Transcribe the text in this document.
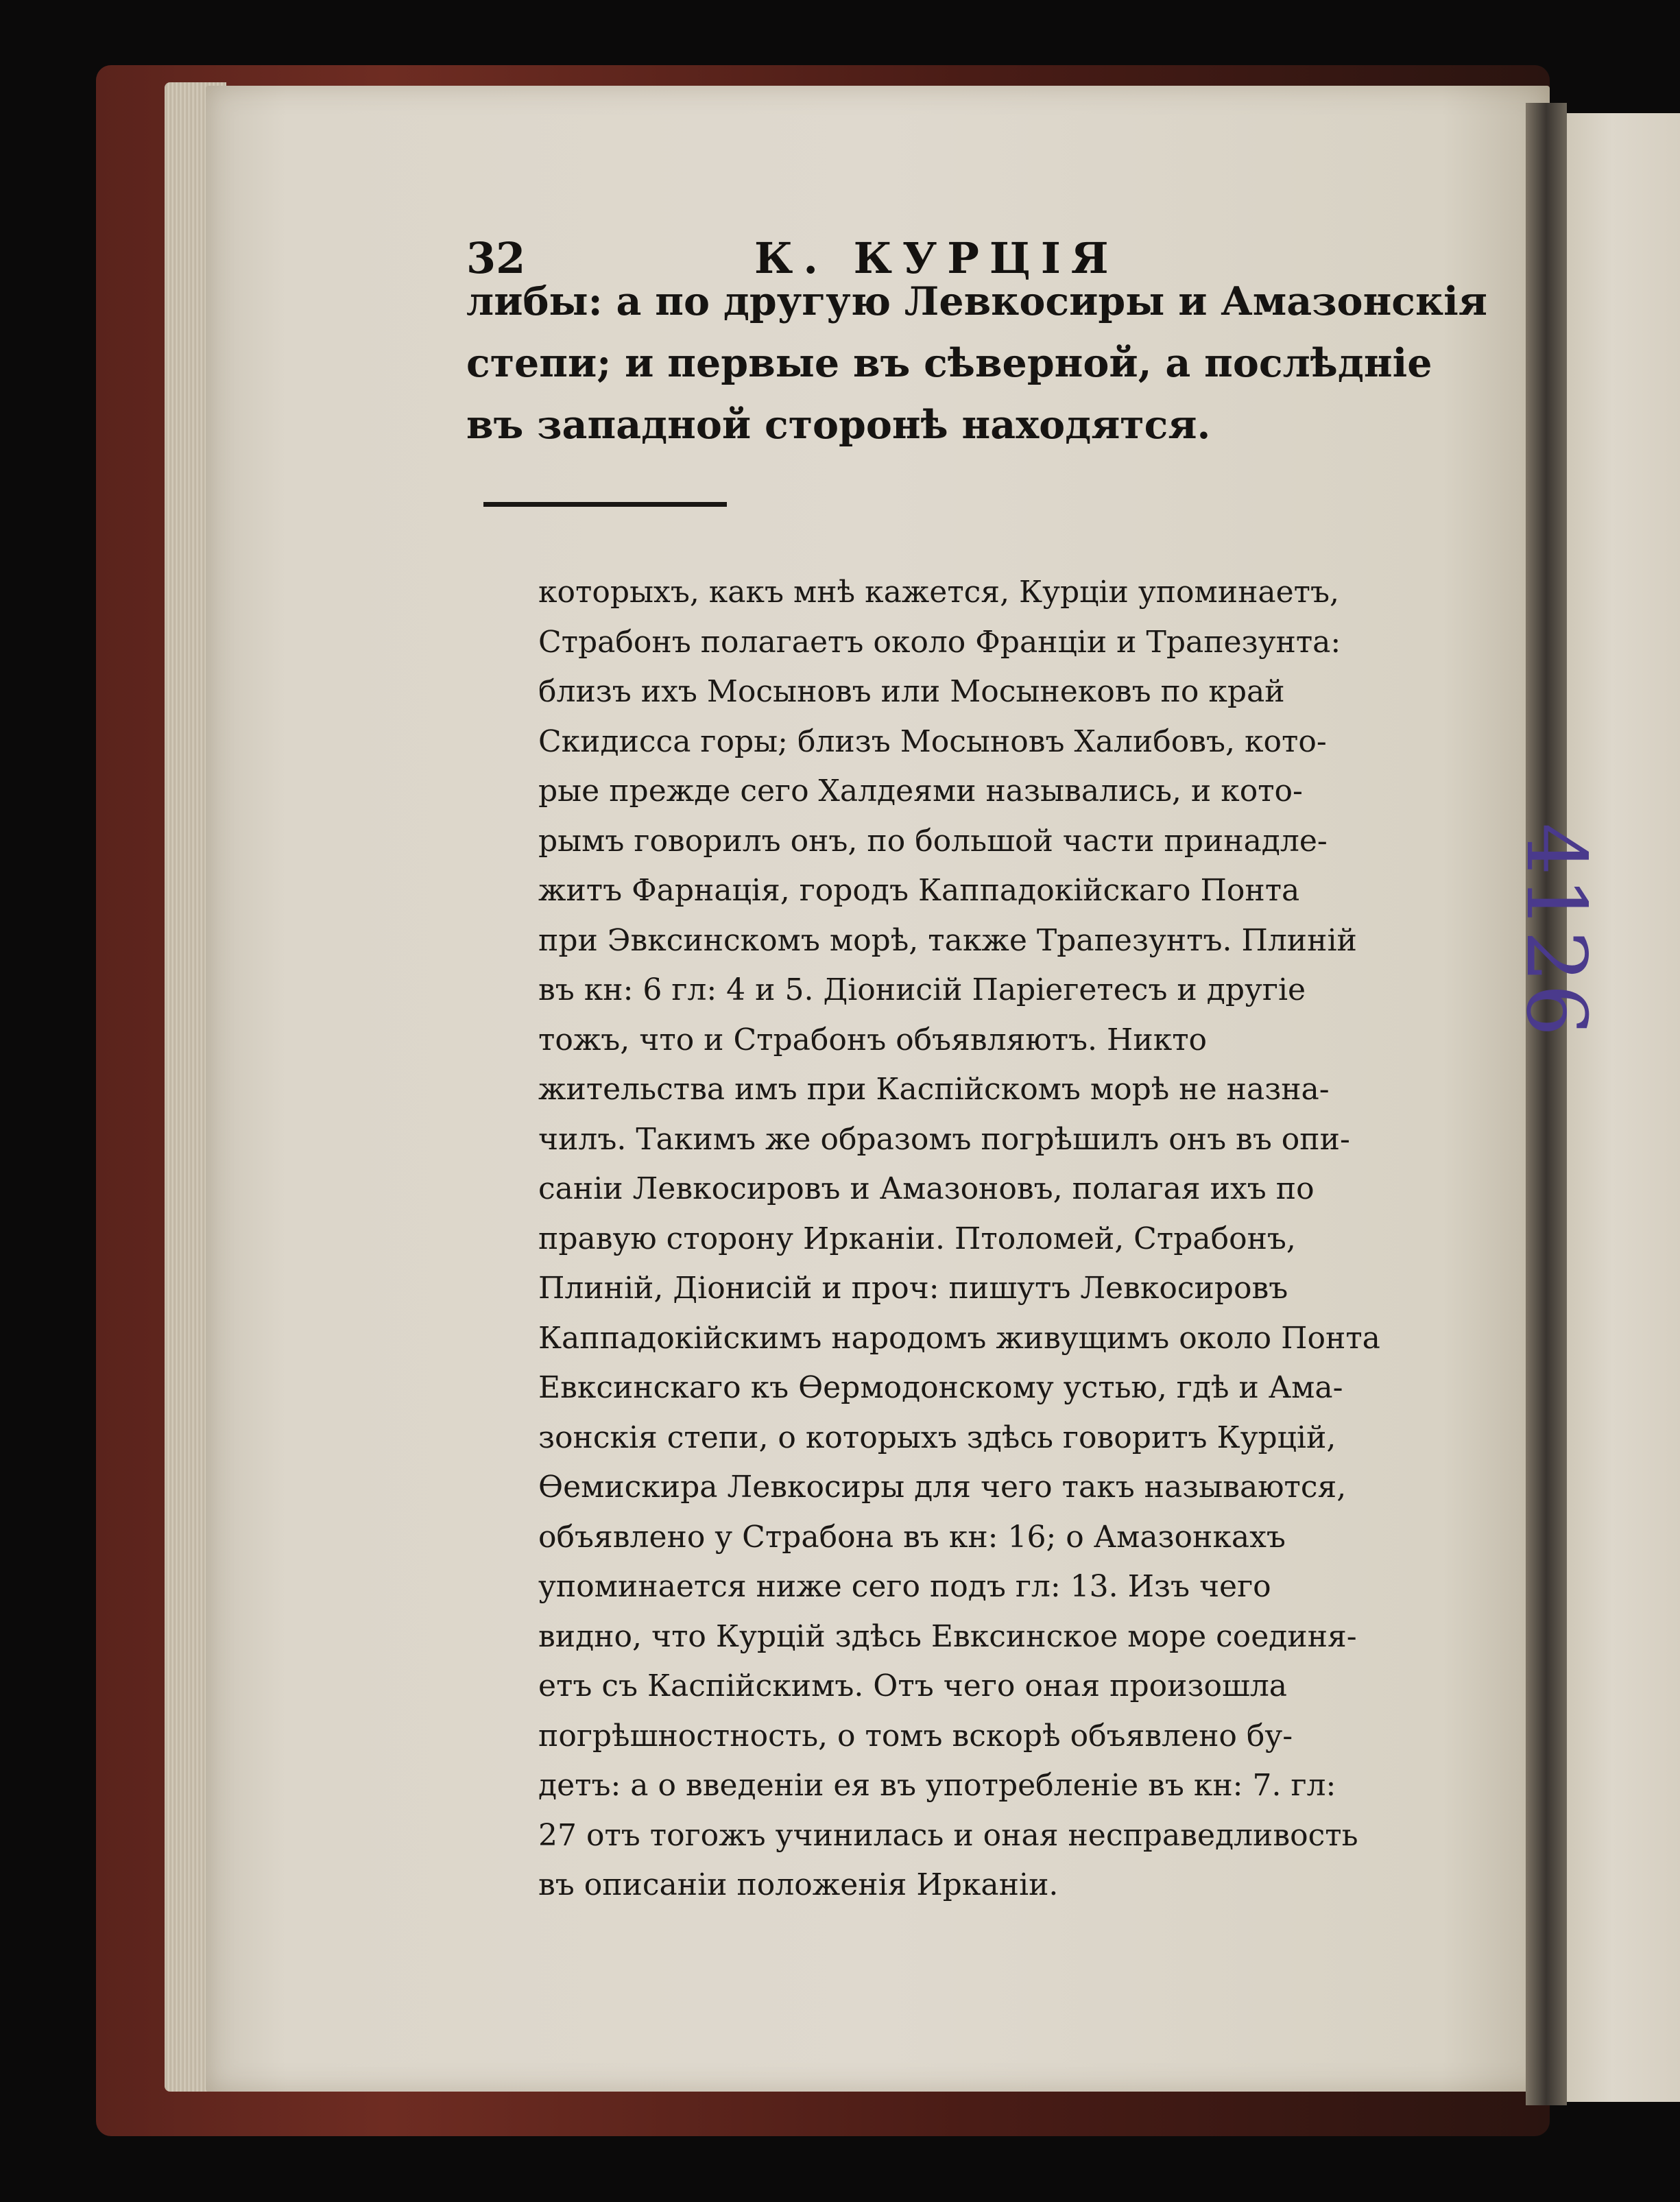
4126
32	К. КУРЦІЯ
либы: а по другую Левкосиры и Амазонскія
степи; и первые въ сѣверной, а послѣдніе
въ западной сторонѣ находятся.
которыхъ, какъ мнѣ кажется, Курціи упоминаетъ,
Страбонъ полагаетъ около Франціи и Трапезунта:
близъ ихъ Мосыновъ или Мосынековъ по край
Скидисса горы; близъ Мосыновъ Халибовъ, кото-
рые прежде сего Халдеями назывались, и кото-
рымъ говорилъ онъ, по большой части принадле-
житъ Фарнація, городъ Каппадокійскаго Понта
при Эвксинскомъ морѣ, также Трапезунтъ. Плиній
въ кн: 6 гл: 4 и 5. Діонисій Паріегетесъ и другіе
тожъ, что и Страбонъ объявляютъ. Никто
жительства имъ при Каспійскомъ морѣ не назна-
чилъ. Такимъ же образомъ погрѣшилъ онъ въ опи-
саніи Левкосировъ и Амазоновъ, полагая ихъ по
правую сторону Ирканіи. Птоломей, Страбонъ,
Плиній, Діонисій и проч: пишутъ Левкосировъ
Каппадокійскимъ народомъ живущимъ около Понта
Евксинскаго къ Ѳермодонскому устью, гдѣ и Ама-
зонскія степи, о которыхъ здѣсь говоритъ Курцій,
Ѳемискира Левкосиры для чего такъ называются,
объявлено у Страбона въ кн: 16; о Амазонкахъ
упоминается ниже сего подъ гл: 13. Изъ чего
видно, что Курцій здѣсь Евксинское море соединя-
етъ съ Каспійскимъ. Отъ чего оная произошла
погрѣшностность, о томъ вскорѣ объявлено бу-
детъ: а о введеніи ея въ употребленіе въ кн: 7. гл:
27 отъ тогожъ учинилась и оная несправедливость
въ описаніи положенія Ирканіи.
